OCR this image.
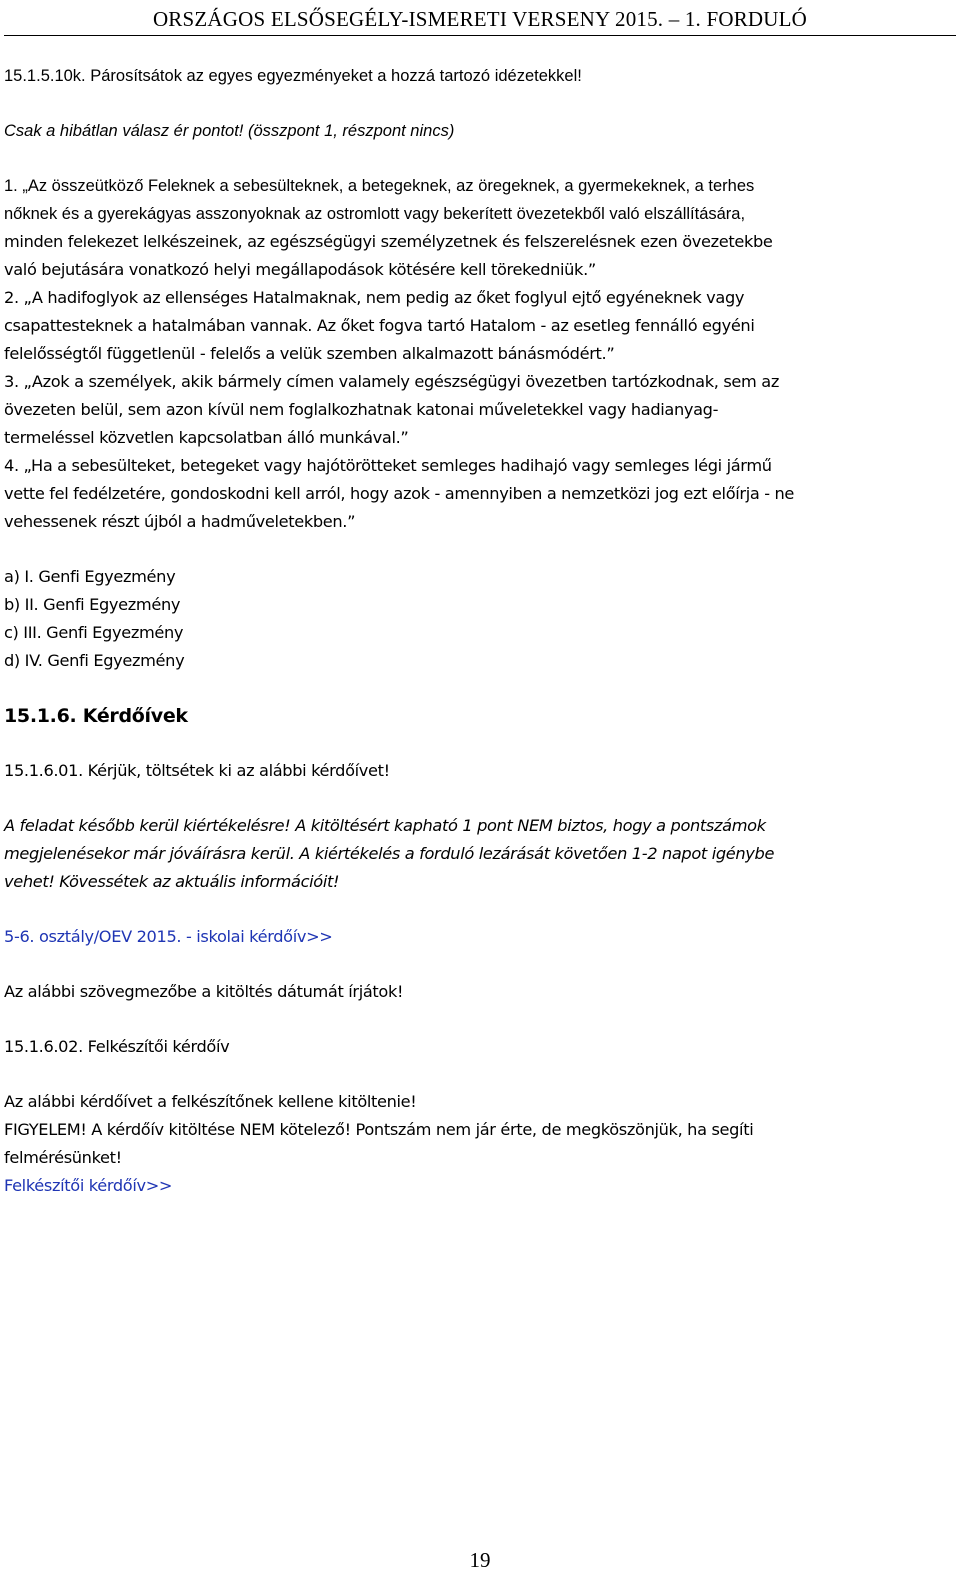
ORSZÁGOS ELSŐSEGÉLY-ISMERETI VERSENY 2015. – 1. FORDULÓ

15.1.5.10k. Párosítsátok az egyes egyezményeket a hozzá tartozó idézetekkel!

Csak a hibátlan válasz ér pontot! (összpont 1, részpont nincs)

1. „Az összeütköző Feleknek a sebesülteknek, a betegeknek, az öregeknek, a gyermekeknek, a terhes

nőknek és a gyerekágyas asszonyoknak az ostromlott vagy bekerített övezetekből való elszállítására,

minden felekezet lelkészeinek, az egészségügyi személyzetnek és felszerelésnek ezen övezetekbe

való bejutására vonatkozó helyi megállapodások kötésére kell törekedniük.”

2. „A hadifoglyok az ellenséges Hatalmaknak, nem pedig az őket foglyul ejtő egyéneknek vagy

csapattesteknek a hatalmában vannak. Az őket fogva tartó Hatalom - az esetleg fennálló egyéni

felelősségtől függetlenül - felelős a velük szemben alkalmazott bánásmódért.”

3. „Azok a személyek, akik bármely címen valamely egészségügyi övezetben tartózkodnak, sem az

övezeten belül, sem azon kívül nem foglalkozhatnak katonai műveletekkel vagy hadianyag-

termeléssel közvetlen kapcsolatban álló munkával.”

4. „Ha a sebesülteket, betegeket vagy hajótörötteket semleges hadihajó vagy semleges légi jármű

vette fel fedélzetére, gondoskodni kell arról, hogy azok - amennyiben a nemzetközi jog ezt előírja - ne

vehessenek részt újból a hadműveletekben.”

a) I. Genfi Egyezmény

b) II. Genfi Egyezmény

c) III. Genfi Egyezmény

d) IV. Genfi Egyezmény

15.1.6. Kérdőívek

15.1.6.01. Kérjük, töltsétek ki az alábbi kérdőívet!

A feladat később kerül kiértékelésre! A kitöltésért kapható 1 pont NEM biztos, hogy a pontszámok

megjelenésekor már jóváírásra kerül. A kiértékelés a forduló lezárását követően 1-2 napot igénybe

vehet! Kövessétek az aktuális információit!

5-6. osztály/OEV 2015. - iskolai kérdőív>>

Az alábbi szövegmezőbe a kitöltés dátumát írjátok!

15.1.6.02. Felkészítői kérdőív

Az alábbi kérdőívet a felkészítőnek kellene kitöltenie!

FIGYELEM! A kérdőív kitöltése NEM kötelező! Pontszám nem jár érte, de megköszönjük, ha segíti

felmérésünket!

Felkészítői kérdőív>>

19
